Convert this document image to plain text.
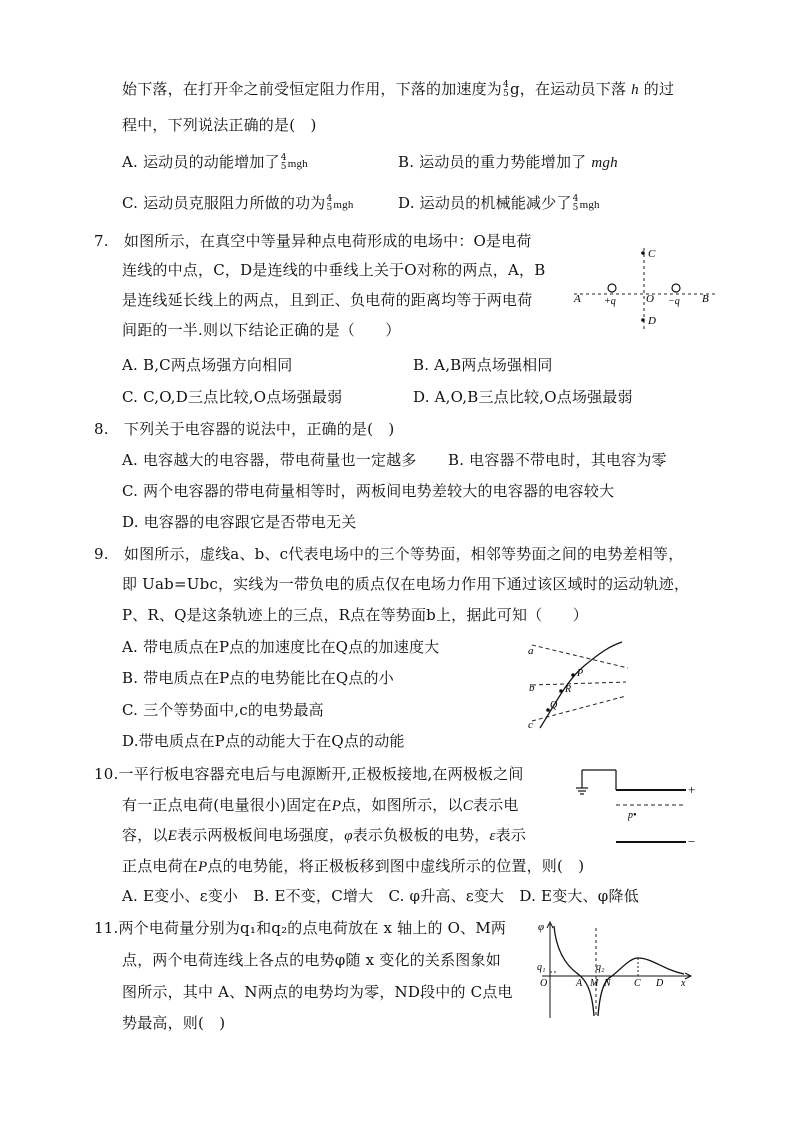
始下落，在打开伞之前受恒定阻力作用，下落的加速度为 4
5 g，在运动员下落 h 的过
程中，下列说法正确的是(　)
A. 运动员的动能增加了 4
5 mgh	B. 运动员的重力势能增加了 mgh
C. 运动员克服阻力所做的功为 4
5 mgh	D. 运动员的机械能减少了 4
5 mgh
7.　如图所示，在真空中等量异种点电荷形成的电场中：O是电荷
连线的中点，C，D是连线的中垂线上关于O对称的两点，A，B
是连线延长线上的两点，且到正、负电荷的距离均等于两电荷
间距的一半.则以下结论正确的是（　　）
A. B,C两点场强方向相同	B. A,B两点场强相同
C. C,O,D三点比较,O点场强最弱	D. A,O,B三点比较,O点场强最弱
C
D
A	B
O
+q	−q
8.　下列关于电容器的说法中，正确的是(　)
A. 电容越大的电容器，带电荷量也一定越多 B. 电容器不带电时，其电容为零
C. 两个电容器的带电荷量相等时，两板间电势差较大的电容器的电容较大
D. 电容器的电容跟它是否带电无关
9.　如图所示，虚线a、b、c代表电场中的三个等势面，相邻等势面之间的电势差相等，
即 Uab=Ubc，实线为一带负电的质点仅在电场力作用下通过该区域时的运动轨迹，
P、R、Q是这条轨迹上的三点，R点在等势面b上，据此可知（　　）
A. 带电质点在P点的加速度比在Q点的加速度大
B. 带电质点在P点的电势能比在Q点的小
C. 三个等势面中,c的电势最高
D.带电质点在P点的动能大于在Q点的动能
a
b
c
P
R
Q
10.一平行板电容器充电后与电源断开,正极板接地,在两极板之间
有一正点电荷(电量很小)固定在P点，如图所示，以C表示电
容，以E表示两极板间电场强度，φ表示负极板的电势，ε表示
正点电荷在P点的电势能，将正极板移到图中虚线所示的位置，则(　)
A. E变小、ε变小　B. E不变，C增大　C. φ升高、ε变大　D. E变大、φ降低
+
−
p•
11.两个电荷量分别为q₁和q₂的点电荷放在 x 轴上的 O、M两
点，两个电荷连线上各点的电势φ随 x 变化的关系图象如
图所示，其中 A、N两点的电势均为零，ND段中的 C点电
势最高，则(　)
φ
q₁	q₂
O	A M N C D x
